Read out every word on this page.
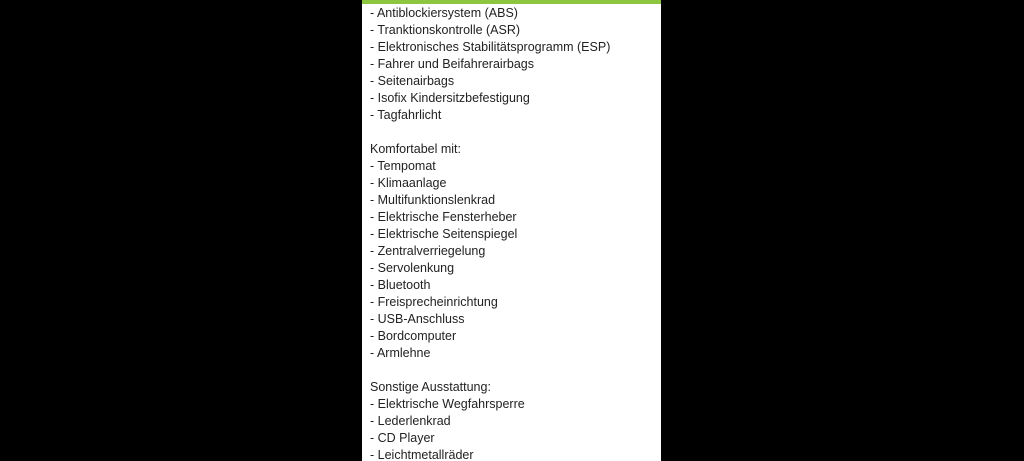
- Antiblockiersystem (ABS)
- Tranktionskontrolle (ASR)
- Elektronisches Stabilitätsprogramm (ESP)
- Fahrer und Beifahrerairbags
- Seitenairbags
- Isofix Kindersitzbefestigung
- Tagfahrlicht
Komfortabel mit:
- Tempomat
- Klimaanlage
- Multifunktionslenkrad
- Elektrische Fensterheber
- Elektrische Seitenspiegel
- Zentralverriegelung
- Servolenkung
- Bluetooth
- Freisprecheinrichtung
- USB-Anschluss
- Bordcomputer
- Armlehne
Sonstige Ausstattung:
- Elektrische Wegfahrsperre
- Lederlenkrad
- CD Player
- Leichtmetallräder
